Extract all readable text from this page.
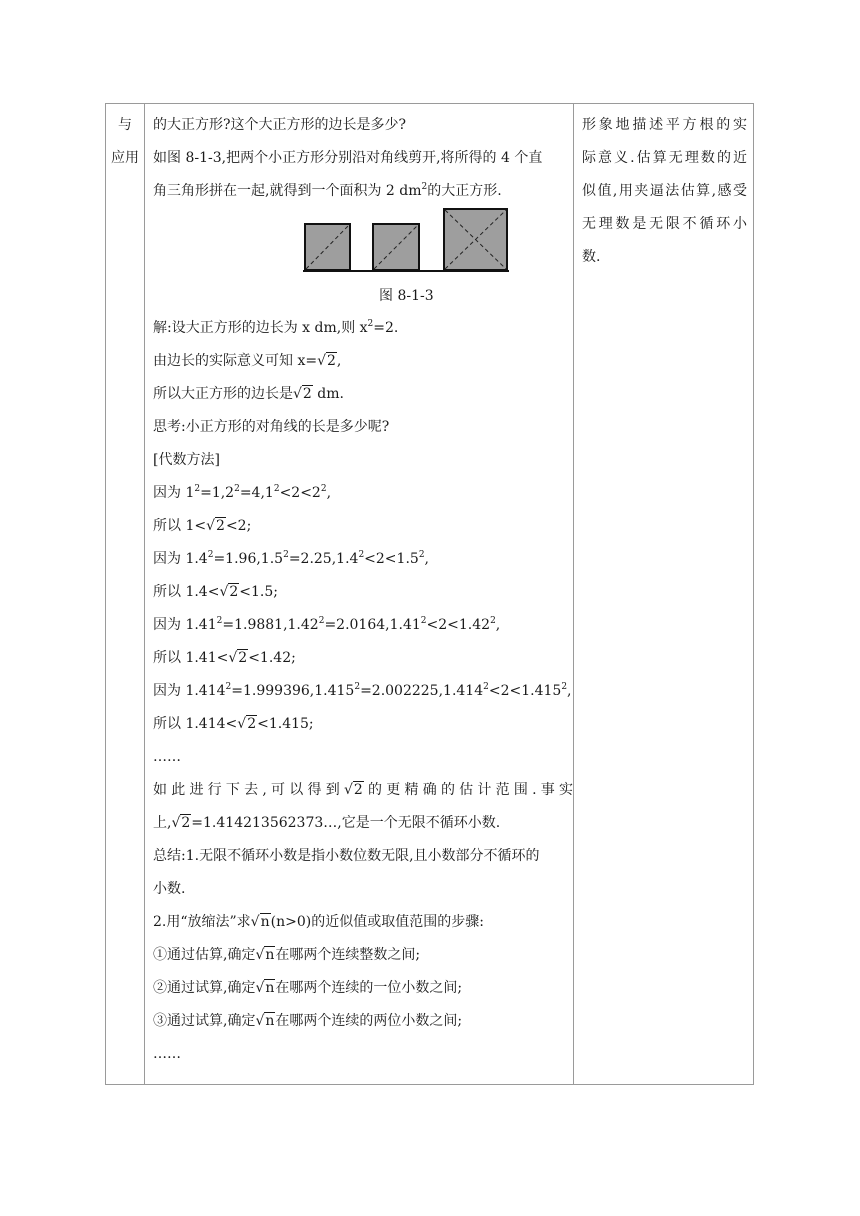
与
应用
的大正方形?这个大正方形的边长是多少?
如图 8-1-3,把两个小正方形分别沿对角线剪开,将所得的 4 个直
角三角形拼在一起,就得到一个面积为 2 $dm^2$的大正方形.
图 8-1-3
解:设大正方形的边长为 x dm,则 $x^2=2$.
由边长的实际意义可知 x=√2,
所以大正方形的边长是√2 dm.
思考:小正方形的对角线的长是多少呢?
[代数方法]
因为 $1^2=1,2^2=4,1^2<2<2^2$,
所以 1<√2<2;
因为 $1.4^2=1.96,1.5^2=2.25,1.4^2<2<1.5^2$,
所以 1.4<√2<1.5;
因为 $1.41^2=1.9881,1.42^2=2.0164,1.41^2<2<1.42^2$,
所以 1.41<√2<1.42;
因为 $1.414^2=1.999396,1.415^2=2.002225,1.414^2<2<1.415^2$,
所以 1.414<√2<1.415;
……
如此进行下去,可以得到√2的更精确的估计范围.事实
上,√2=1.414213562373…,它是一个无限不循环小数.
总结:1.无限不循环小数是指小数位数无限,且小数部分不循环的
小数.
2.用“放缩法”求√n(n>0)的近似值或取值范围的步骤:
①通过估算,确定√n在哪两个连续整数之间;
②通过试算,确定√n在哪两个连续的一位小数之间;
③通过试算,确定√n在哪两个连续的两位小数之间;
……
形象地描述平方根的实
际意义.估算无理数的近
似值,用夹逼法估算,感受
无理数是无限不循环小
数.
